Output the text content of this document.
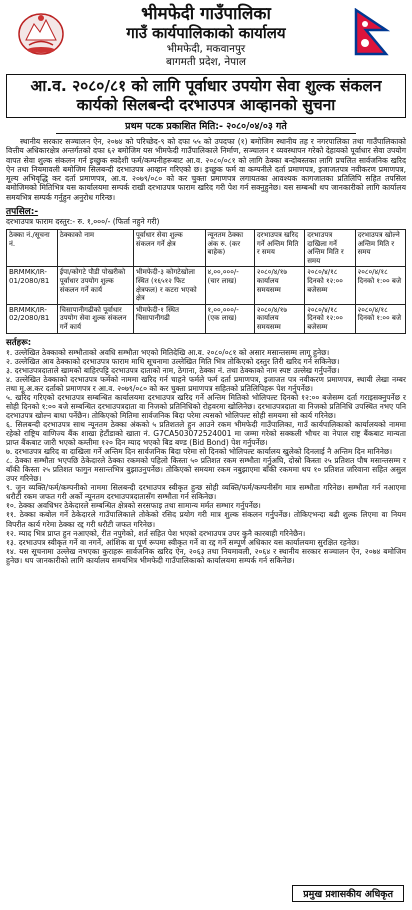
भीमफेदी गाउँपालिका
गाउँ कार्यपालिकाको कार्यालय
भीमफेदी, मकवानपुर
बागमती प्रदेश, नेपाल
आ.व. २०८०/८१ को लागि पूर्वाधार उपयोग सेवा शुल्क संकलन
कार्यको सिलबन्दी दरभाउपत्र आव्हानको सुचना
प्रथम पटक प्रकाशित मिति:- २०८०/०४/०३ गते

स्थानीय सरकार सञ्चालन ऐन, २०७४ को परिच्छेद-९ को दफा ५५ को उपदफा (१) बमोजिम स्थानीय तह र नगरपालिका तथा गाउँपालिकाको वित्तीय अधिकारक्षेत्र अन्तर्गतको दफा ६२ बमोजिम यस भीमफेदी गाउँपालिकाले निर्माण, सञ्चालन र व्यवस्थापन गरेको देहायको पूर्वाधार सेवा उपयोग वापत सेवा शुल्क संकलन गर्न इच्छुक स्वदेशी फर्म/कम्पनीहरूबाट आ.व. २०८०/०८१ को लागि ठेक्का बन्दोबस्तका लागि प्रचलित सार्वजनिक खरिद ऐन तथा नियमावली बमोजिम सिलबन्दी दरभाउपत्र आव्हान गरिएको छ। इच्छुक फर्म वा कम्पनीले दर्ता प्रमाणपत्र, इजाजतपत्र नवीकरण प्रमाणपत्र, मूल्य अभिवृद्धि कर दर्ता प्रमाणपत्र, आ.व. २०७९/०८० को कर चुक्ता प्रमाणपत्र लगायतका आवश्यक कागजातका प्रतिलिपि सहित तपसिल बमोजिमको मितिभित्र यस कार्यालयमा सम्पर्क राखी दरभाउपत्र फाराम खरिद गरी पेश गर्न सक्नुहुनेछ। यस सम्बन्धी थप जानकारीको लागि कार्यालय समयभित्र सम्पर्क गर्नुहुन अनुरोध गरिन्छ।

तपसिल:-
दरभाउपत्र फाराम दस्तुर:- रु. १,०००/- (फिर्ता नहुने गरी)
ठेक्का नं./सूचना नं.	ठेक्काको नाम	पूर्वाधार सेवा शुल्क संकलन गर्ने क्षेत्र	न्यूनतम ठेक्का अंक रु. (कर बाहेक)	दरभाउपत्र खरिद गर्ने अन्तिम मिति र समय	दरभाउपत्र दाखिला गर्ने अन्तिम मिति र समय	दरभाउपत्र खोल्ने अन्तिम मिति र समय
BRMMK/IR-01/2080/81	ईपा/कोगटे पौडी पोखरीको पूर्वाधार उपयोग शुल्क संकलन गर्ने कार्य	भीमफेदी-३ कोगटेखोला स्थित (१६५१२ फिट क्षेत्रफल) र कटरा भएको क्षेत्र	४,००,०००/- (चार लाख)	२०८०/४/१७ कार्यालय समयसम्म	२०८०/४/१८ दिनको १२:०० बजेसम्म	२०८०/४/१८ दिनको १:०० बजे
BRMMK/IR-02/2080/81	चिसापानीगढीको पूर्वाधार उपयोग सेवा शुल्क संकलन गर्ने कार्य	भीमफेदी-१ स्थित चिसापानीगढी	१,००,०००/- (एक लाख)	२०८०/४/१७ कार्यालय समयसम्म	२०८०/४/१८ दिनको १२:०० बजेसम्म	२०८०/४/१८ दिनको १:०० बजे
सर्तहरू:

१. उल्लेखित ठेक्काको सम्भौताको अवधि सम्भौता भएको मितिदेखि आ.व. २०८०/०८१ को असार मसान्तसम्म लागू हुनेछ।

२. उल्लेखित आव ठेक्काको दरभाउपत्र फाराम माथि सूचनामा उल्लेखित मिति भित्र तोकिएको दस्तुर तिरी खरिद गर्न सकिनेछ।

३. दरभाउपत्रदाताले खामको बाहिरपट्टि दरभाउपत्र दाताको नाम, ठेगाना, ठेक्का नं. तथा ठेक्काको नाम स्पष्ट उल्लेख गर्नुपर्नेछ।

४. उल्लेखित ठेक्काको दरभाउपत्र फर्मको नाममा खरिद गर्न चाहने फर्मले फर्म दर्ता प्रमाणपत्र, इजाजत पत्र नवीकरण प्रमाणपत्र, स्थायी लेखा नम्बर तथा मू.अ.कर दर्ताको प्रमाणपत्र र आ.व. २०७९/०८० को कर चुक्ता प्रमाणपत्र सहितको प्रतिलिपिहरू पेश गर्नुपर्नेछ।

५. खरिद गरिएको दरभाउपत्र सम्बन्धित कार्यालयमा दरभाउपत्र खरिद गर्ने अन्तिम मितिको भोलिपल्ट दिनको १२:०० बजेसम्म दर्ता गराइसक्नुपर्नेछ र सोही दिनको १:०० बजे सम्बन्धित दरभाउपत्रदाता वा निजको प्रतिनिधिको रोहवरमा खोलिनेछ। दरभाउपत्रदाता वा निजको प्रतिनिधि उपस्थित नभए पनि दरभाउपत्र खोल्न बाधा पर्नेछैन। तोकिएको मितिमा सार्वजनिक बिदा परेमा त्यसको भोलिपल्ट सोही समयमा सो कार्य गरिनेछ।

६. सिलबन्दी दरभाउपत्र साथ न्यूनतम ठेक्का अंकको ५ प्रतिशतले हुन आउने रकम भीमफेदी गाउँपालिका, गाउँ कार्यपालिकाको कार्यालयको नाममा रहेको राष्ट्रिय वाणिज्य बैंक शाखा हेटौंडाको खाता नं. G7CA503072524001 मा जम्मा गरेको सक्कली भौचर वा नेपाल राष्ट्र बैंकबाट मान्यता प्राप्त बैंकबाट जारी भएको कम्तीमा १२० दिन म्याद भएको बिड बण्ड (Bid Bond) पेश गर्नुपर्नेछ।

७. दरभाउपत्र खरिद वा दाखिला गर्ने अन्तिम दिन सार्वजनिक बिदा परेमा सो दिनको भोलिपल्ट कार्यालय खुलेको दिनलाई नै अन्तिम दिन मानिनेछ।

८. ठेक्का सम्भौता भएपछि ठेकेदारले ठेक्का रकमको पहिलो किस्ता ५० प्रतिशत रकम सम्भौता गर्नुअघि, दोस्रो किस्ता २५ प्रतिशत पौष मसान्तसम्म र बाँकी किस्ता २५ प्रतिशत फागुन मसान्तभित्र बुझाउनुपर्नेछ। तोकिएको समयमा रकम नबुझाएमा बाँकी रकममा थप १० प्रतिशत जरिवाना सहित असुल उपर गरिनेछ।

९. जुन व्यक्ति/फर्म/कम्पनीको नाममा सिलबन्दी दरभाउपत्र स्वीकृत हुन्छ सोही व्यक्ति/फर्म/कम्पनीसँग मात्र सम्भौता गरिनेछ। सम्भौता गर्न नआएमा धरौटी रकम जफत गरी अर्को न्यूनतम दरभाउपत्रदातासँग सम्भौता गर्न सकिनेछ।

१०. ठेक्का अवधिभर ठेकेदारले सम्बन्धित क्षेत्रको सरसफाइ तथा सामान्य मर्मत सम्भार गर्नुपर्नेछ।

११. ठेक्का कबोल गर्ने ठेकेदारले गाउँपालिकाले तोकेको रसिद प्रयोग गरी मात्र शुल्क संकलन गर्नुपर्नेछ। तोकिएभन्दा बढी शुल्क लिएमा वा नियम विपरीत कार्य गरेमा ठेक्का रद्द गरी धरौटी जफत गरिनेछ।

१२. म्याद भित्र प्राप्त हुन नआएको, रीत नपुगेको, शर्त सहित पेश भएको दरभाउपत्र उपर कुनै कारबाही गरिनेछैन।

१३. दरभाउपत्र स्वीकृत गर्ने वा नगर्ने, आंशिक वा पूर्ण रूपमा स्वीकृत गर्ने वा रद्द गर्ने सम्पूर्ण अधिकार यस कार्यालयमा सुरक्षित रहनेछ।

१४. यस सूचनामा उल्लेख नभएका कुराहरू सार्वजनिक खरिद ऐन, २०६३ तथा नियमावली, २०६४ र स्थानीय सरकार सञ्चालन ऐन, २०७४ बमोजिम हुनेछ। थप जानकारीको लागि कार्यालय समयभित्र भीमफेदी गाउँपालिकाको कार्यालयमा सम्पर्क गर्न सकिनेछ।

प्रमुख प्रशासकीय अधिकृत
